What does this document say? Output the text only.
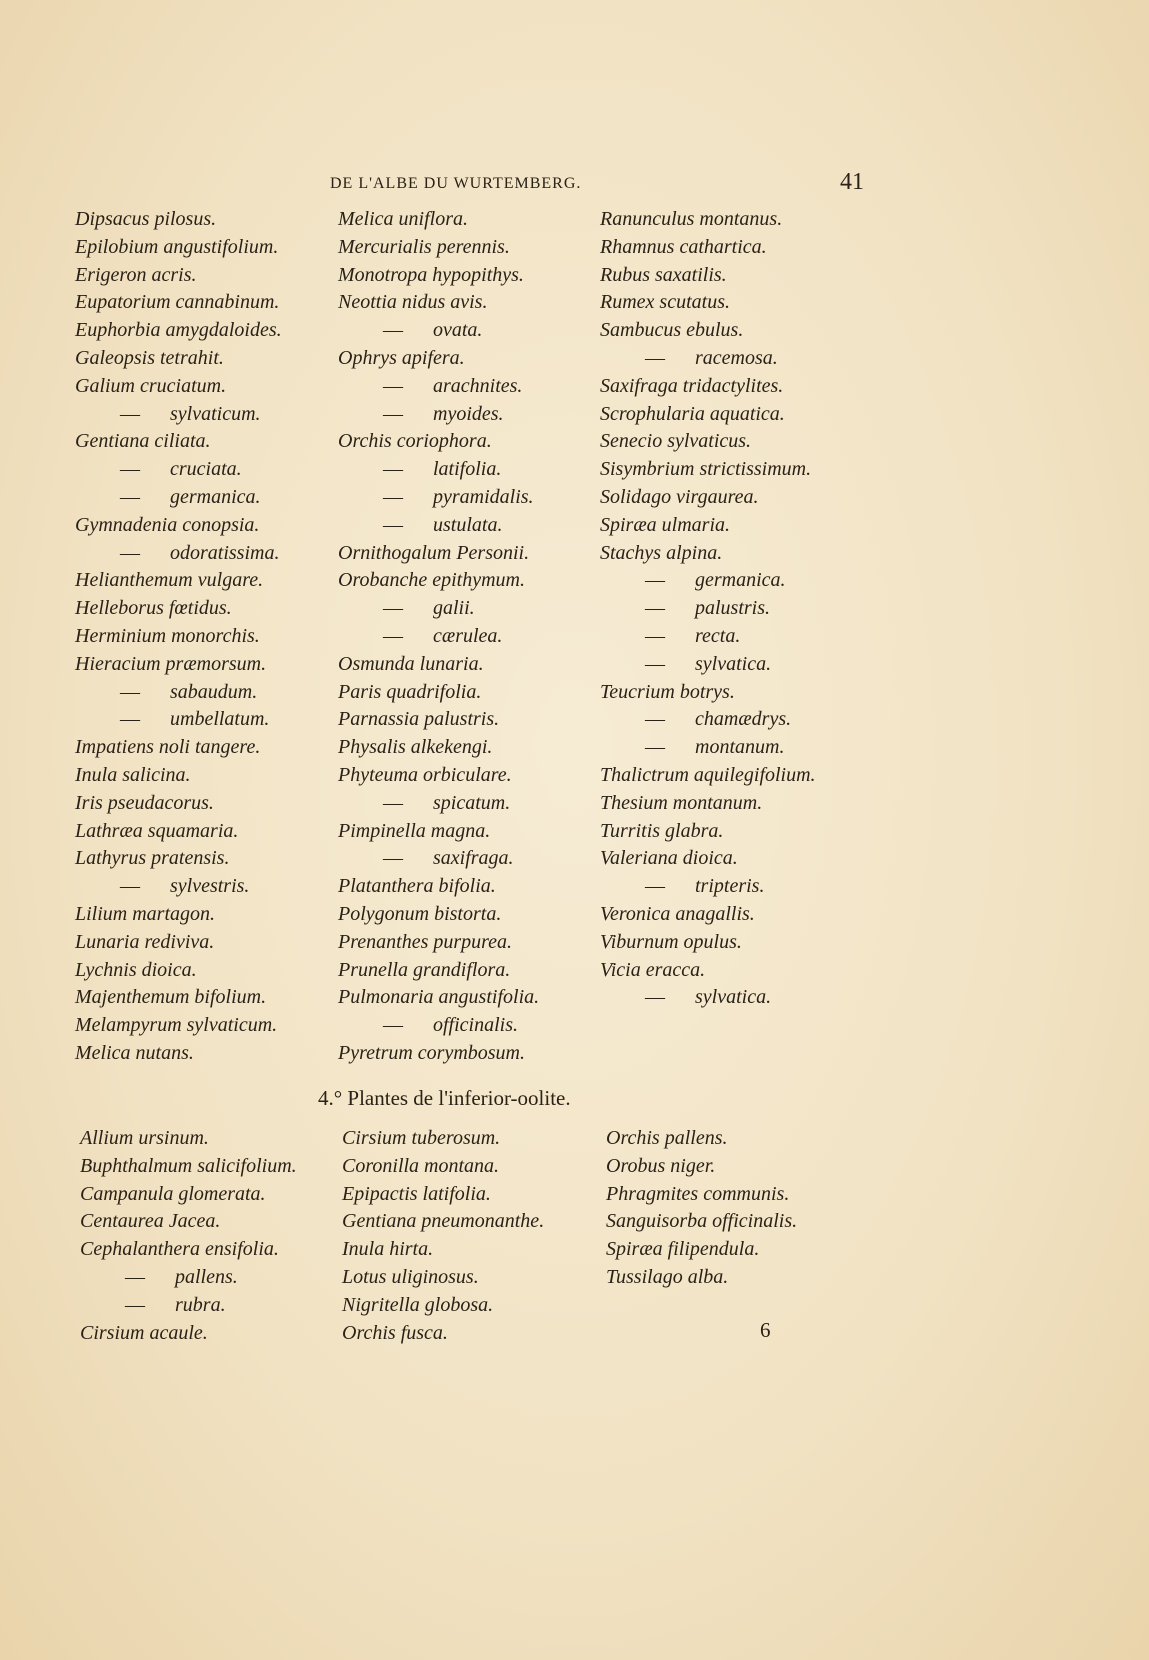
DE L'ALBE DU WURTEMBERG.	41
Dipsacus pilosus.
Epilobium angustifolium.
Erigeron acris.
Eupatorium cannabinum.
Euphorbia amygdaloides.
Galeopsis tetrahit.
Galium cruciatum.
— sylvaticum.
Gentiana ciliata.
— cruciata.
— germanica.
Gymnadenia conopsia.
— odoratissima.
Helianthemum vulgare.
Helleborus fœtidus.
Herminium monorchis.
Hieracium præmorsum.
— sabaudum.
— umbellatum.
Impatiens noli tangere.
Inula salicina.
Iris pseudacorus.
Lathræa squamaria.
Lathyrus pratensis.
— sylvestris.
Lilium martagon.
Lunaria rediviva.
Lychnis dioica.
Majenthemum bifolium.
Melampyrum sylvaticum.
Melica nutans.
Melica uniflora.
Mercurialis perennis.
Monotropa hypopithys.
Neottia nidus avis.
— ovata.
Ophrys apifera.
— arachnites.
— myoides.
Orchis coriophora.
— latifolia.
— pyramidalis.
— ustulata.
Ornithogalum Personii.
Orobanche epithymum.
— galii.
— cærulea.
Osmunda lunaria.
Paris quadrifolia.
Parnassia palustris.
Physalis alkekengi.
Phyteuma orbiculare.
— spicatum.
Pimpinella magna.
— saxifraga.
Platanthera bifolia.
Polygonum bistorta.
Prenanthes purpurea.
Prunella grandiflora.
Pulmonaria angustifolia.
— officinalis.
Pyretrum corymbosum.
Ranunculus montanus.
Rhamnus cathartica.
Rubus saxatilis.
Rumex scutatus.
Sambucus ebulus.
— racemosa.
Saxifraga tridactylites.
Scrophularia aquatica.
Senecio sylvaticus.
Sisymbrium strictissimum.
Solidago virgaurea.
Spiræa ulmaria.
Stachys alpina.
— germanica.
— palustris.
— recta.
— sylvatica.
Teucrium botrys.
— chamædrys.
— montanum.
Thalictrum aquilegifolium.
Thesium montanum.
Turritis glabra.
Valeriana dioica.
— tripteris.
Veronica anagallis.
Viburnum opulus.
Vicia eracca.
— sylvatica.
4.° Plantes de l'inferior-oolite.
Allium ursinum.
Buphthalmum salicifolium.
Campanula glomerata.
Centaurea Jacea.
Cephalanthera ensifolia.
— pallens.
— rubra.
Cirsium acaule.
Cirsium tuberosum.
Coronilla montana.
Epipactis latifolia.
Gentiana pneumonanthe.
Inula hirta.
Lotus uliginosus.
Nigritella globosa.
Orchis fusca.
Orchis pallens.
Orobus niger.
Phragmites communis.
Sanguisorba officinalis.
Spiræa filipendula.
Tussilago alba.
6
